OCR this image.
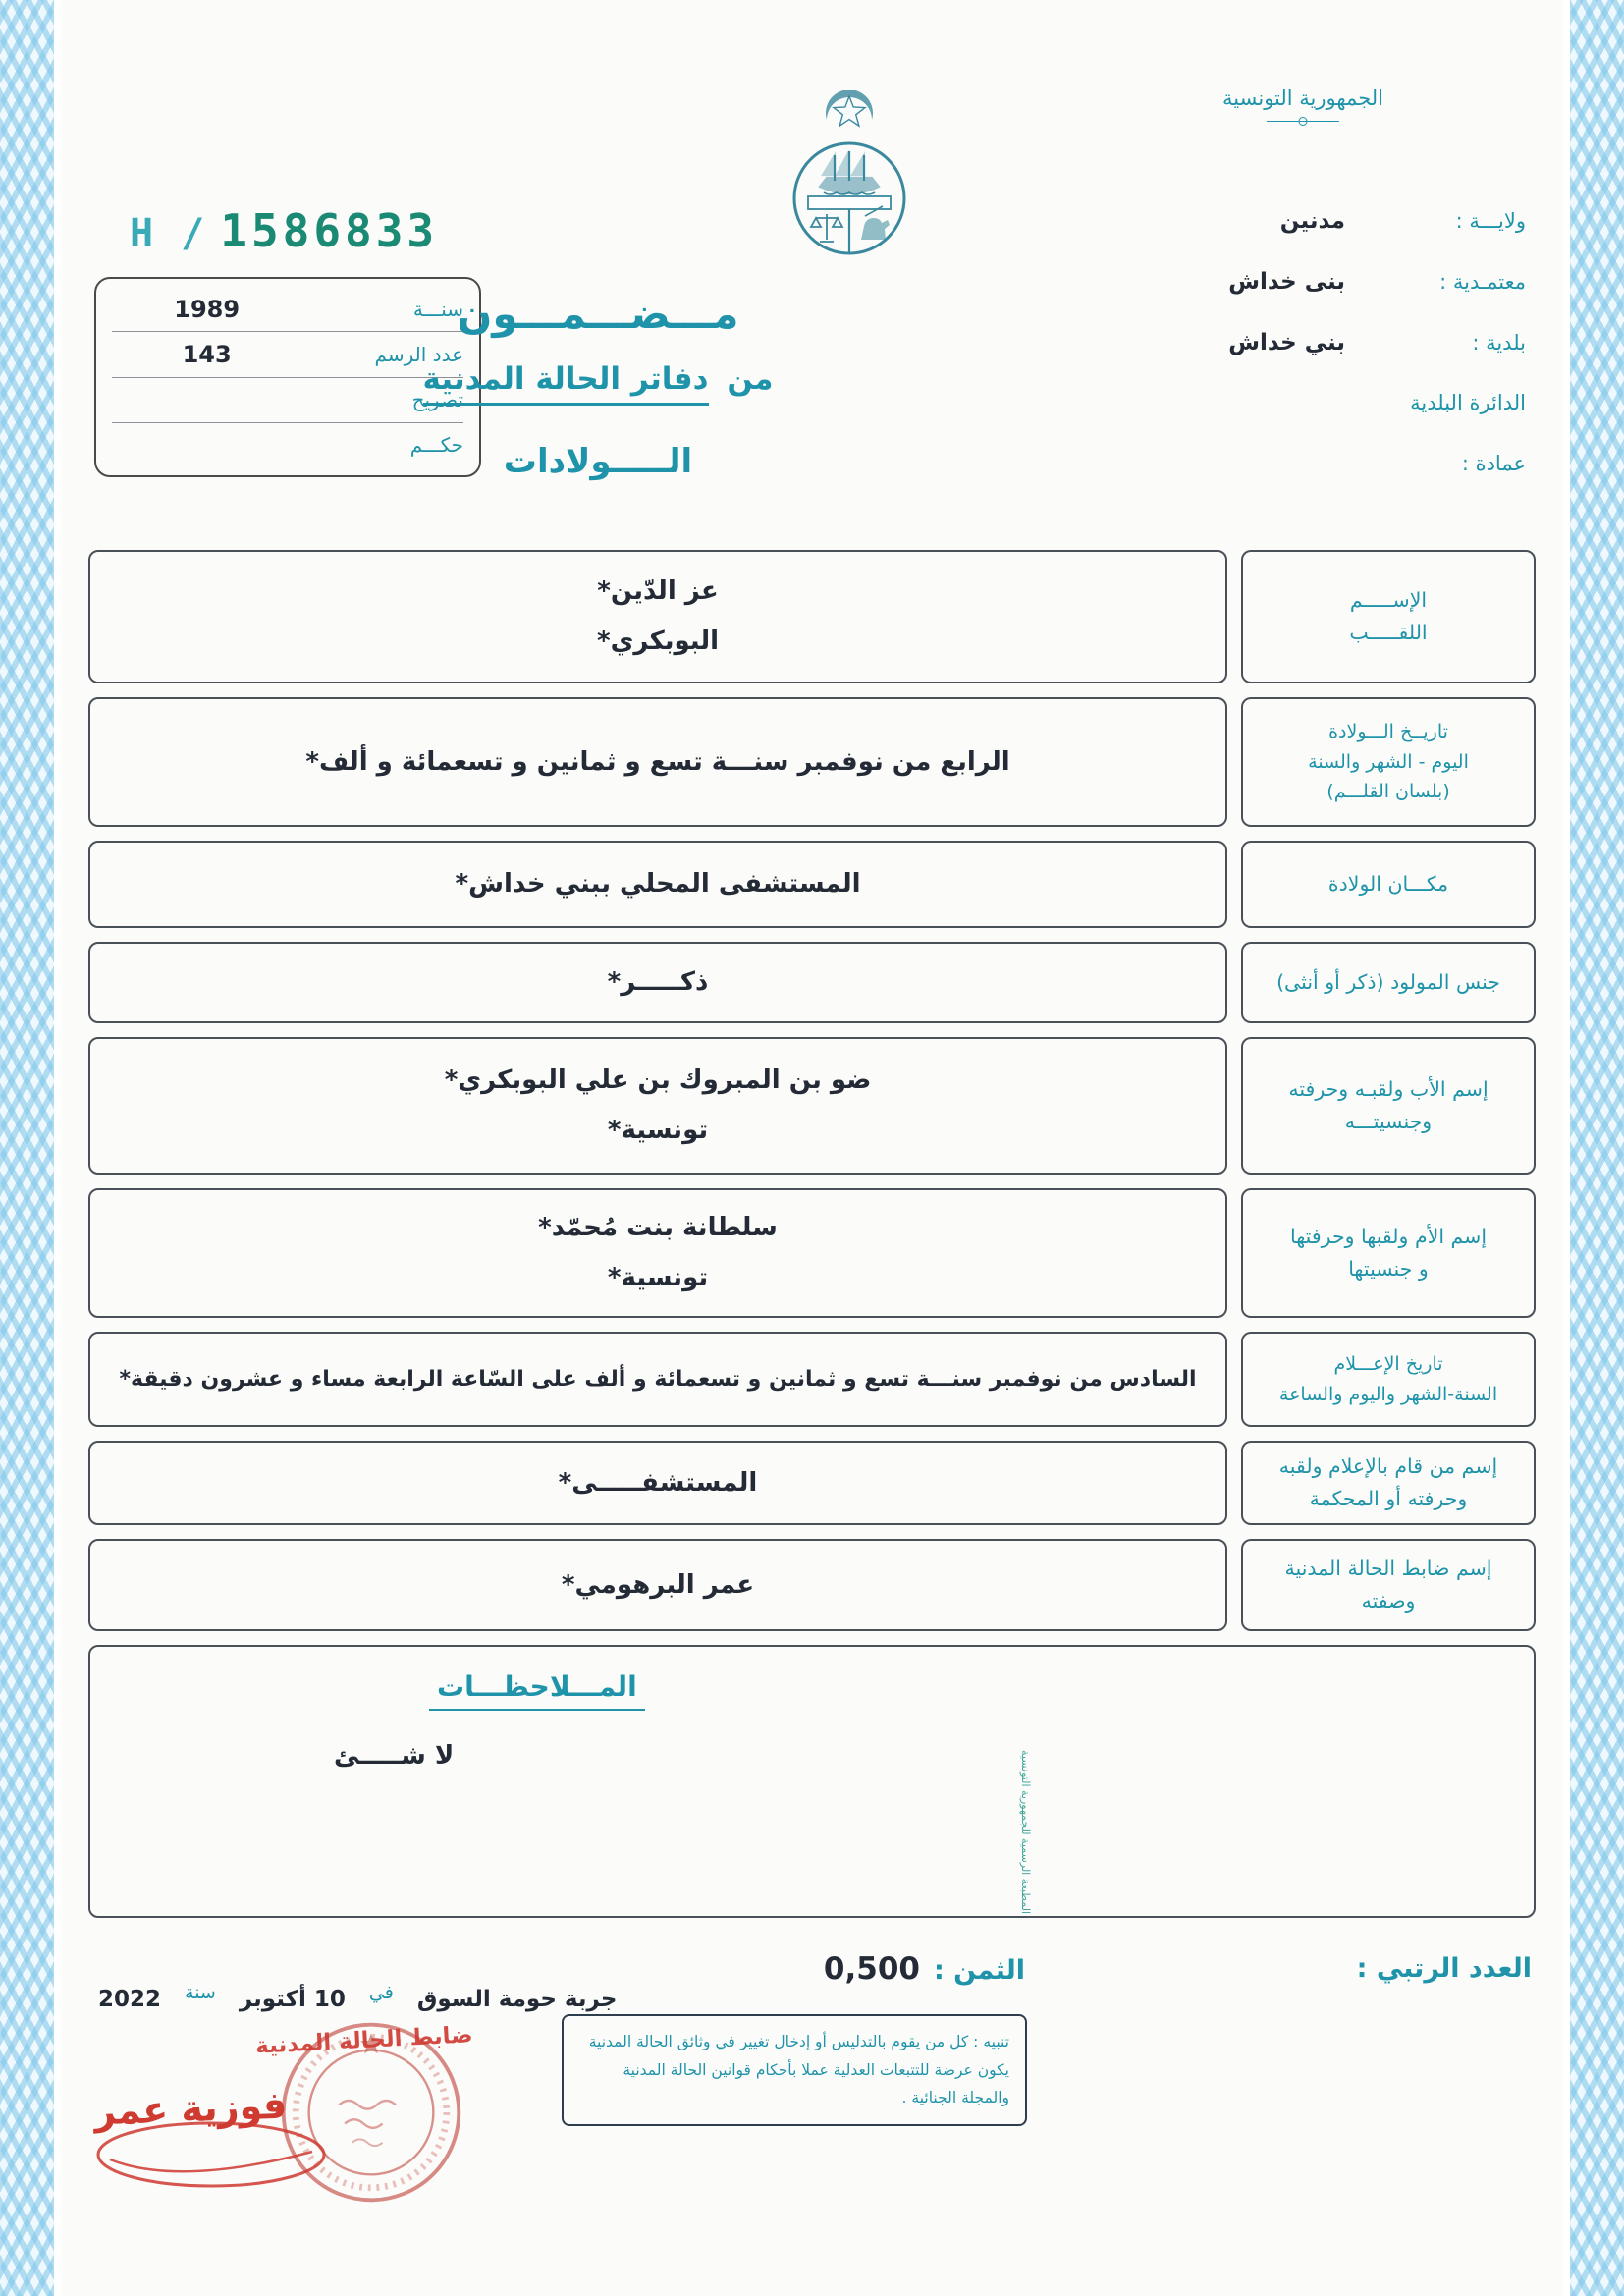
الجمهورية التونسية
H / 1586833
سنـــة
1989
عدد الرسم
143
تصريح
حكـــم
مـــضـــمـــون
من دفاتر الحالة المدنية
الـــــولادات
ولايـــة :
مدنين
معتمـدية :
بنى خداش
بلدية :
بني خداش
الدائرة البلدية
عمادة :
الإســـــم
اللقـــــب
عز الدّين*
البوبكري*
تاريــخ الـــولادة
اليوم - الشهر والسنة
(بلسان القلـــم)
الرابع من نوفمبر سنـــة تسع و ثمانين و تسعمائة و ألف*
مكـــان الولادة
المستشفى المحلي ببني خداش*
جنس المولود (ذكر أو أنثى)
ذكـــــر*
إسم الأب ولقبـه وحرفته
وجنسيتـــه
ضو بن المبروك بن علي البوبكري*
تونسية*
إسم الأم ولقبها وحرفتها
و جنسيتها
سلطانة بنت مُحمّد*
تونسية*
تاريخ الإعـــلام
السنة-الشهر واليوم والساعة
السادس من نوفمبر سنـــة تسع و ثمانين و تسعمائة و ألف على السّاعة الرابعة مساء و عشرون دقيقة*
إسم من قام بالإعلام ولقبه
وحرفته أو المحكمة
المستشفـــــى*
إسم ضابط الحالة المدنية
وصفته
عمر البرهومي*
المـــلاحظـــات
لا شـــــئ
العدد الرتبي :
الثمن :
0,500
جربة حومة السوق
في
10 أكتوبر
سنة
2022
تنبيه : كل من يقوم بالتدليس أو إدخال تغيير في وثائق الحالة المدنية يكون عرضة للتتبعات العدلية عملا بأحكام قوانين الحالة المدنية والمجلة الجنائية .
ضابط الحالة المدنية
فوزية عمر
المطبعة الرسمية للجمهورية التونسية
